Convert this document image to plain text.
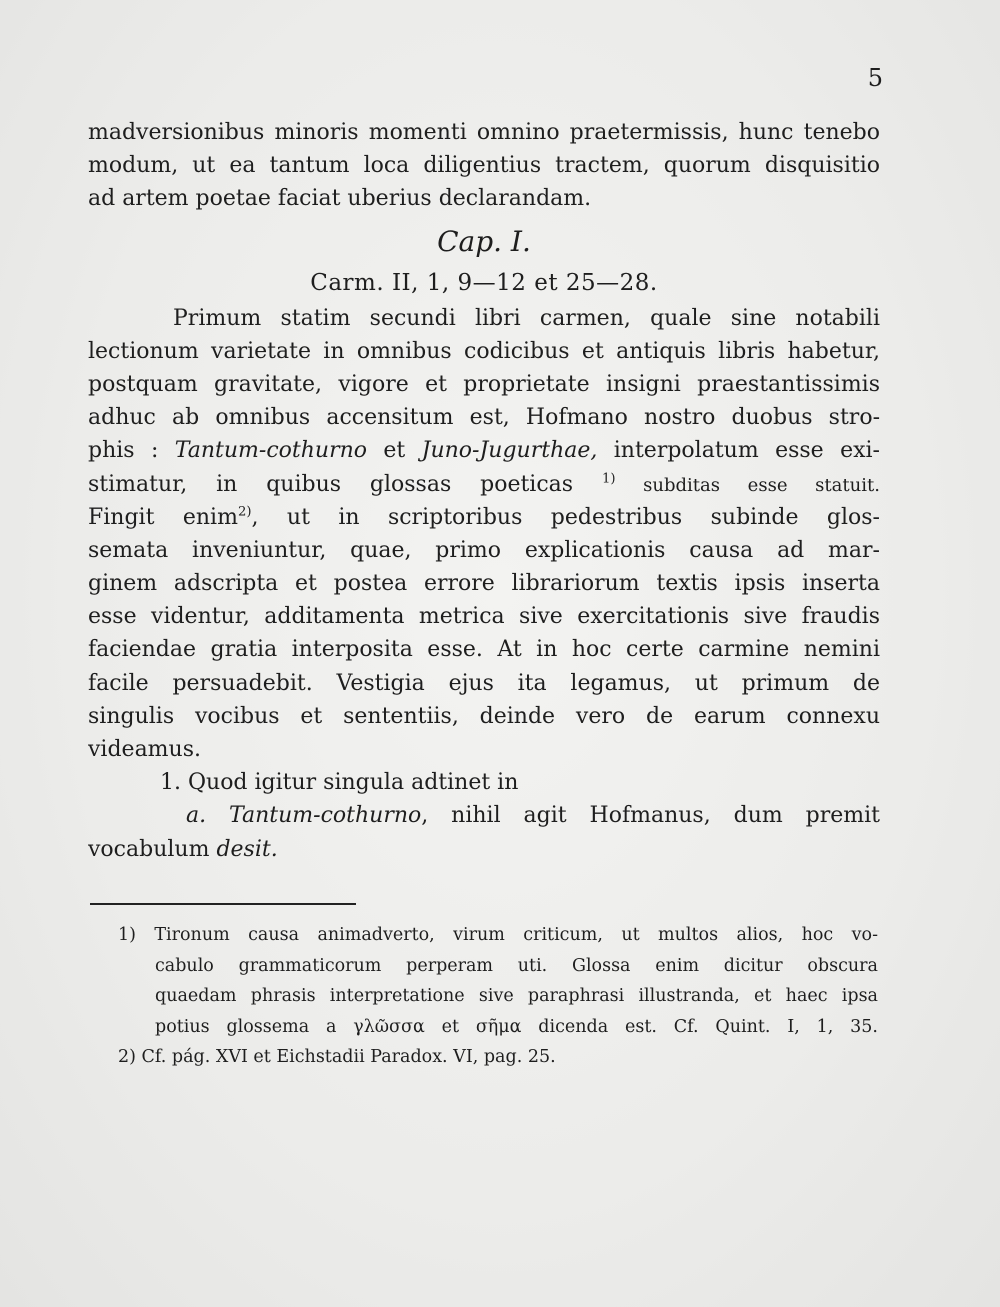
5
madversionibus minoris momenti omnino praetermissis, hunc tenebo
modum, ut ea tantum loca diligentius tractem, quorum disquisitio
ad artem poetae faciat uberius declarandam.
Cap. I.
Carm. II, 1, 9—12 et 25—28.
Primum statim secundi libri carmen, quale sine notabili
lectionum varietate in omnibus codicibus et antiquis libris habetur,
postquam gravitate, vigore et proprietate insigni praestantissimis
adhuc ab omnibus accensitum est, Hofmano nostro duobus stro-
phis : Tantum-cothurno et Juno-Jugurthae, interpolatum esse exi-
stimatur, in quibus glossas poeticas $^{1)}$ subditas esse statuit.
Fingit enim$^{2)}$, ut in scriptoribus pedestribus subinde glos-
semata inveniuntur, quae, primo explicationis causa ad mar-
ginem adscripta et postea errore librariorum textis ipsis inserta
esse videntur, additamenta metrica sive exercitationis sive fraudis
faciendae gratia interposita esse. At in hoc certe carmine nemini
facile persuadebit. Vestigia ejus ita legamus, ut primum de
singulis vocibus et sententiis, deinde vero de earum connexu
videamus.
1. Quod igitur singula adtinet in
a. Tantum-cothurno, nihil agit Hofmanus, dum premit
vocabulum desit.
1) Tironum causa animadverto, virum criticum, ut multos alios, hoc vo-
cabulo grammaticorum perperam uti. Glossa enim dicitur obscura
quaedam phrasis interpretatione sive paraphrasi illustranda, et haec ipsa
potius glossema a γλῶσσα et σῆμα dicenda est. Cf. Quint. I, 1, 35.
2) Cf. pág. XVI et Eichstadii Paradox. VI, pag. 25.
